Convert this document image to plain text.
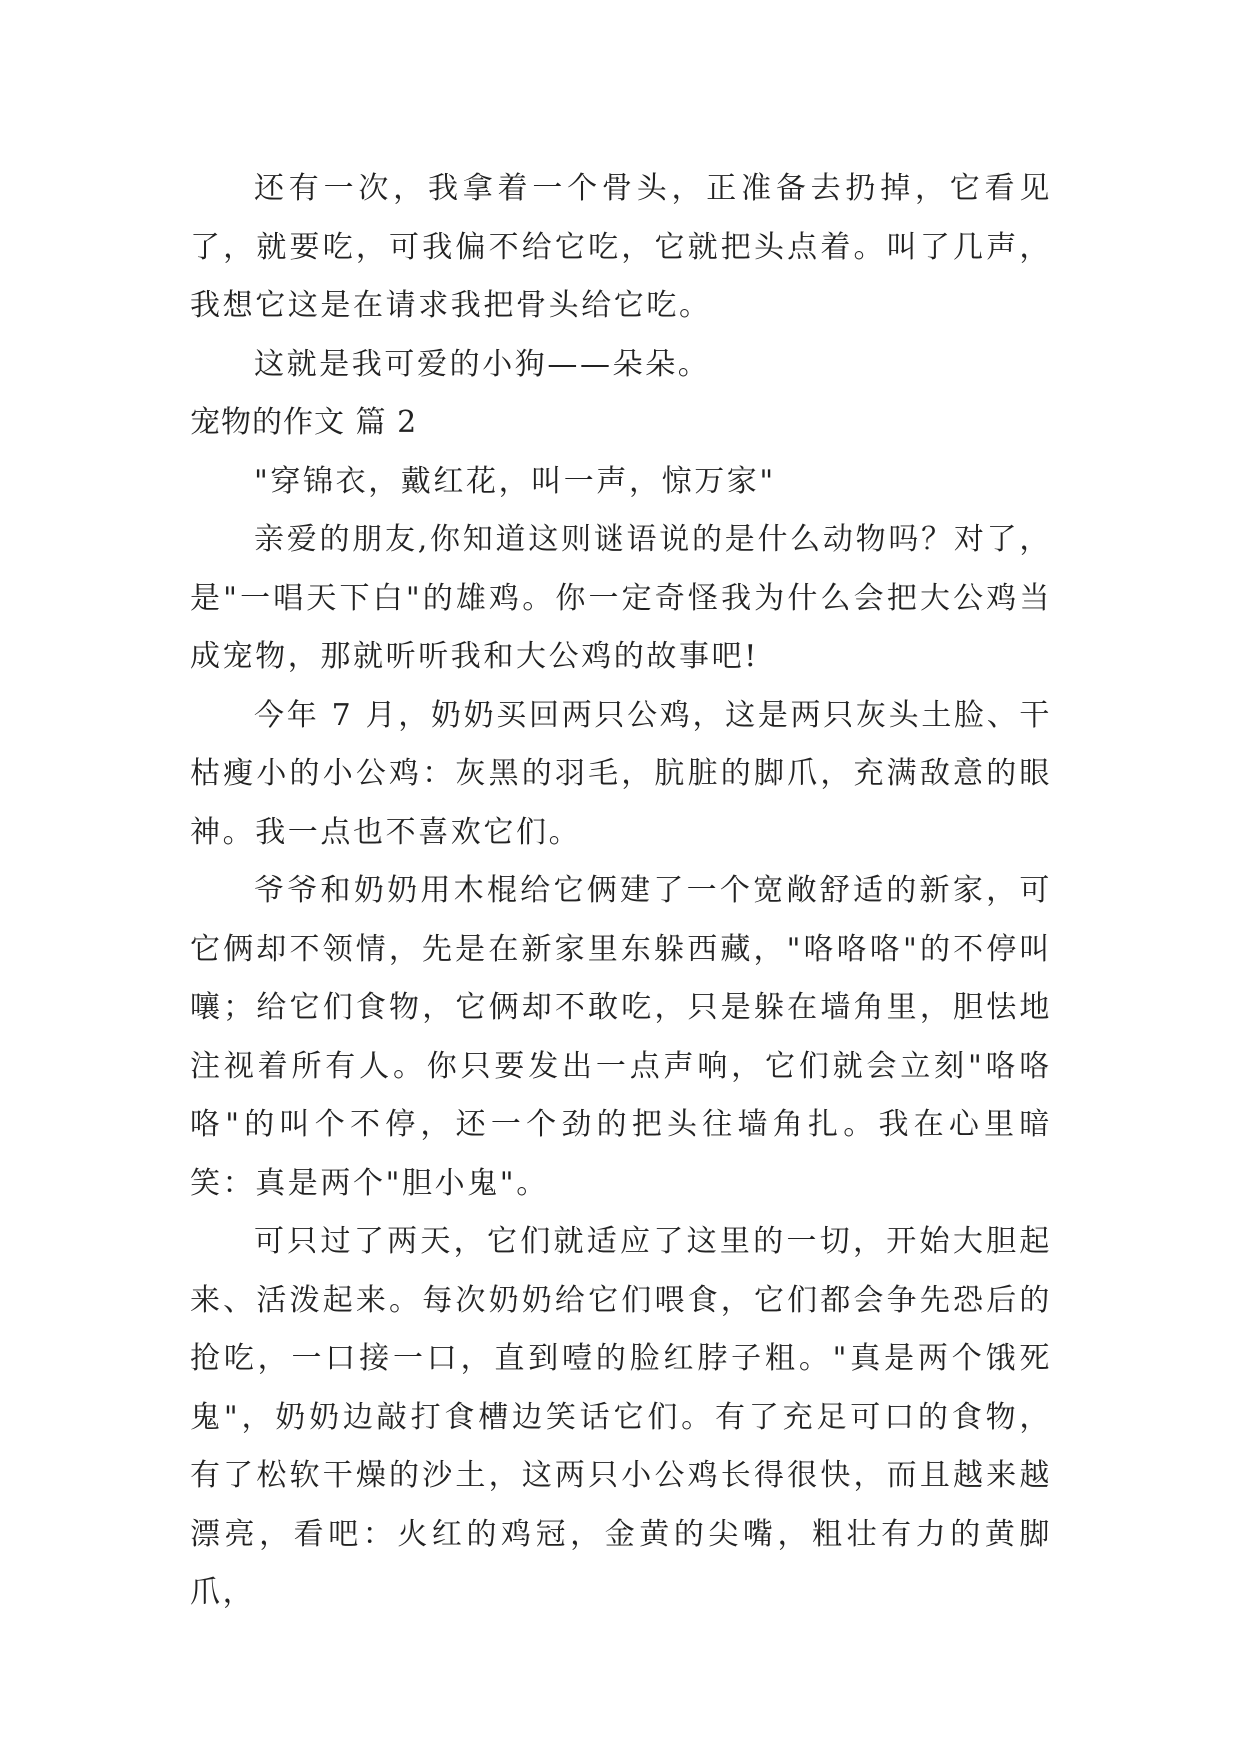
还有一次，我拿着一个骨头，正准备去扔掉，它看见了，就要吃，可我偏不给它吃，它就把头点着。叫了几声，我想它这是在请求我把骨头给它吃。

这就是我可爱的小狗——朵朵。

宠物的作文 篇 2

"穿锦衣，戴红花，叫一声，惊万家"

亲爱的朋友,你知道这则谜语说的是什么动物吗？对了，是"一唱天下白"的雄鸡。你一定奇怪我为什么会把大公鸡当成宠物，那就听听我和大公鸡的故事吧!

今年 7 月，奶奶买回两只公鸡，这是两只灰头土脸、干枯瘦小的小公鸡：灰黑的羽毛，肮脏的脚爪，充满敌意的眼神。我一点也不喜欢它们。

爷爷和奶奶用木棍给它俩建了一个宽敞舒适的新家，可它俩却不领情，先是在新家里东躲西藏，"咯咯咯"的不停叫嚷；给它们食物，它俩却不敢吃，只是躲在墙角里，胆怯地注视着所有人。你只要发出一点声响，它们就会立刻"咯咯咯"的叫个不停，还一个劲的把头往墙角扎。我在心里暗笑：真是两个"胆小鬼"。

可只过了两天，它们就适应了这里的一切，开始大胆起来、活泼起来。每次奶奶给它们喂食，它们都会争先恐后的抢吃，一口接一口，直到噎的脸红脖子粗。"真是两个饿死鬼"，奶奶边敲打食槽边笑话它们。有了充足可口的食物，有了松软干燥的沙土，这两只小公鸡长得很快，而且越来越漂亮，看吧：火红的鸡冠，金黄的尖嘴，粗壮有力的黄脚爪，
